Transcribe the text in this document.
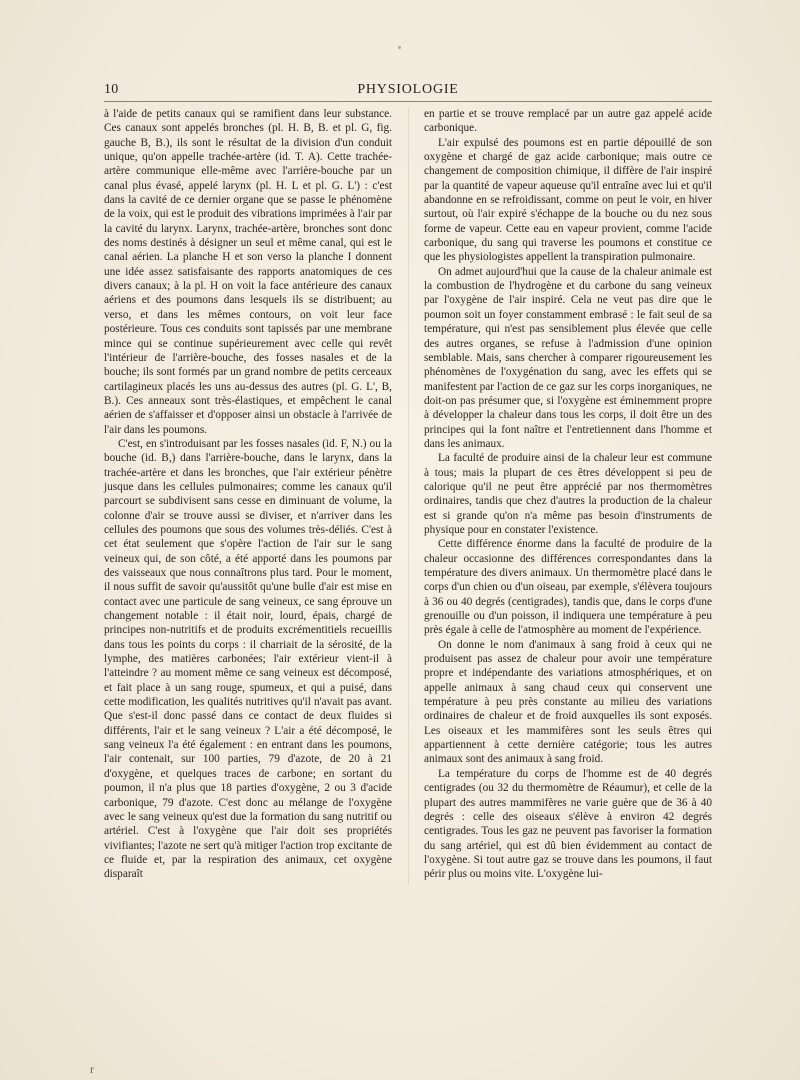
10	PHYSIOLOGIE

à l'aide de petits canaux qui se ramifient dans leur substance. Ces canaux sont appelés bronches (pl. H. B, B. et pl. G, fig. gauche B, B.), ils sont le résultat de la division d'un conduit unique, qu'on appelle trachée-artère (id. T. A). Cette trachée-artère communique elle-même avec l'arrière-bouche par un canal plus évasé, appelé larynx (pl. H. L et pl. G. L') : c'est dans la cavité de ce dernier organe que se passe le phénomène de la voix, qui est le produit des vibrations imprimées à l'air par la cavité du larynx. Larynx, trachée-artère, bronches sont donc des noms destinés à désigner un seul et même canal, qui est le canal aérien. La planche H et son verso la planche I donnent une idée assez satisfaisante des rapports anatomiques de ces divers canaux; à la pl. H on voit la face antérieure des canaux aériens et des poumons dans lesquels ils se distribuent; au verso, et dans les mêmes contours, on voit leur face postérieure. Tous ces conduits sont tapissés par une membrane mince qui se continue supérieurement avec celle qui revêt l'intérieur de l'arrière-bouche, des fosses nasales et de la bouche; ils sont formés par un grand nombre de petits cerceaux cartilagineux placés les uns au-dessus des autres (pl. G. L', B, B.). Ces anneaux sont très-élastiques, et empêchent le canal aérien de s'affaisser et d'opposer ainsi un obstacle à l'arrivée de l'air dans les poumons.

C'est, en s'introduisant par les fosses nasales (id. F, N.) ou la bouche (id. B,) dans l'arrière-bouche, dans le larynx, dans la trachée-artère et dans les bronches, que l'air extérieur pénètre jusque dans les cellules pulmonaires; comme les canaux qu'il parcourt se subdivisent sans cesse en diminuant de volume, la colonne d'air se trouve aussi se diviser, et n'arriver dans les cellules des poumons que sous des volumes très-déliés. C'est à cet état seulement que s'opère l'action de l'air sur le sang veineux qui, de son côté, a été apporté dans les poumons par des vaisseaux que nous connaîtrons plus tard. Pour le moment, il nous suffit de savoir qu'aussitôt qu'une bulle d'air est mise en contact avec une particule de sang veineux, ce sang éprouve un changement notable : il était noir, lourd, épais, chargé de principes non-nutritifs et de produits excrémentitiels recueillis dans tous les points du corps : il charriait de la sérosité, de la lymphe, des matières carbonées; l'air extérieur vient-il à l'atteindre ? au moment même ce sang veineux est décomposé, et fait place à un sang rouge, spumeux, et qui a puisé, dans cette modification, les qualités nutritives qu'il n'avait pas avant. Que s'est-il donc passé dans ce contact de deux fluides si différents, l'air et le sang veineux ? L'air a été décomposé, le sang veineux l'a été également : en entrant dans les poumons, l'air contenait, sur 100 parties, 79 d'azote, de 20 à 21 d'oxygène, et quelques traces de carbone; en sortant du poumon, il n'a plus que 18 parties d'oxygène, 2 ou 3 d'acide carbonique, 79 d'azote. C'est donc au mélange de l'oxygène avec le sang veineux qu'est due la formation du sang nutritif ou artériel. C'est à l'oxygène que l'air doit ses propriétés vivifiantes; l'azote ne sert qu'à mitiger l'action trop excitante de ce fluide et, par la respiration des animaux, cet oxygène disparaît

en partie et se trouve remplacé par un autre gaz appelé acide carbonique.

L'air expulsé des poumons est en partie dépouillé de son oxygène et chargé de gaz acide carbonique; mais outre ce changement de composition chimique, il diffère de l'air inspiré par la quantité de vapeur aqueuse qu'il entraîne avec lui et qu'il abandonne en se refroidissant, comme on peut le voir, en hiver surtout, où l'air expiré s'échappe de la bouche ou du nez sous forme de vapeur. Cette eau en vapeur provient, comme l'acide carbonique, du sang qui traverse les poumons et constitue ce que les physiologistes appellent la transpiration pulmonaire.

On admet aujourd'hui que la cause de la chaleur animale est la combustion de l'hydrogène et du carbone du sang veineux par l'oxygène de l'air inspiré. Cela ne veut pas dire que le poumon soit un foyer constamment embrasé : le fait seul de sa température, qui n'est pas sensiblement plus élevée que celle des autres organes, se refuse à l'admission d'une opinion semblable. Mais, sans chercher à comparer rigoureusement les phénomènes de l'oxygénation du sang, avec les effets qui se manifestent par l'action de ce gaz sur les corps inorganiques, ne doit-on pas présumer que, si l'oxygène est éminemment propre à développer la chaleur dans tous les corps, il doit être un des principes qui la font naître et l'entretiennent dans l'homme et dans les animaux.

La faculté de produire ainsi de la chaleur leur est commune à tous; mais la plupart de ces êtres développent si peu de calorique qu'il ne peut être apprécié par nos thermomètres ordinaires, tandis que chez d'autres la production de la chaleur est si grande qu'on n'a même pas besoin d'instruments de physique pour en constater l'existence.

Cette différence énorme dans la faculté de produire de la chaleur occasionne des différences correspondantes dans la température des divers animaux. Un thermomètre placé dans le corps d'un chien ou d'un oiseau, par exemple, s'élèvera toujours à 36 ou 40 degrés (centigrades), tandis que, dans le corps d'une grenouille ou d'un poisson, il indiquera une température à peu près égale à celle de l'atmosphère au moment de l'expérience.

On donne le nom d'animaux à sang froid à ceux qui ne produisent pas assez de chaleur pour avoir une température propre et indépendante des variations atmosphériques, et on appelle animaux à sang chaud ceux qui conservent une température à peu près constante au milieu des variations ordinaires de chaleur et de froid auxquelles ils sont exposés. Les oiseaux et les mammifères sont les seuls êtres qui appartiennent à cette dernière catégorie; tous les autres animaux sont des animaux à sang froid.

La température du corps de l'homme est de 40 degrés centigrades (ou 32 du thermomètre de Réaumur), et celle de la plupart des autres mammifères ne varie guère que de 36 à 40 degrés : celle des oiseaux s'élève à environ 42 degrés centigrades. Tous les gaz ne peuvent pas favoriser la formation du sang artériel, qui est dû bien évidemment au contact de l'oxygène. Si tout autre gaz se trouve dans les poumons, il faut périr plus ou moins vite. L'oxygène lui-

r
